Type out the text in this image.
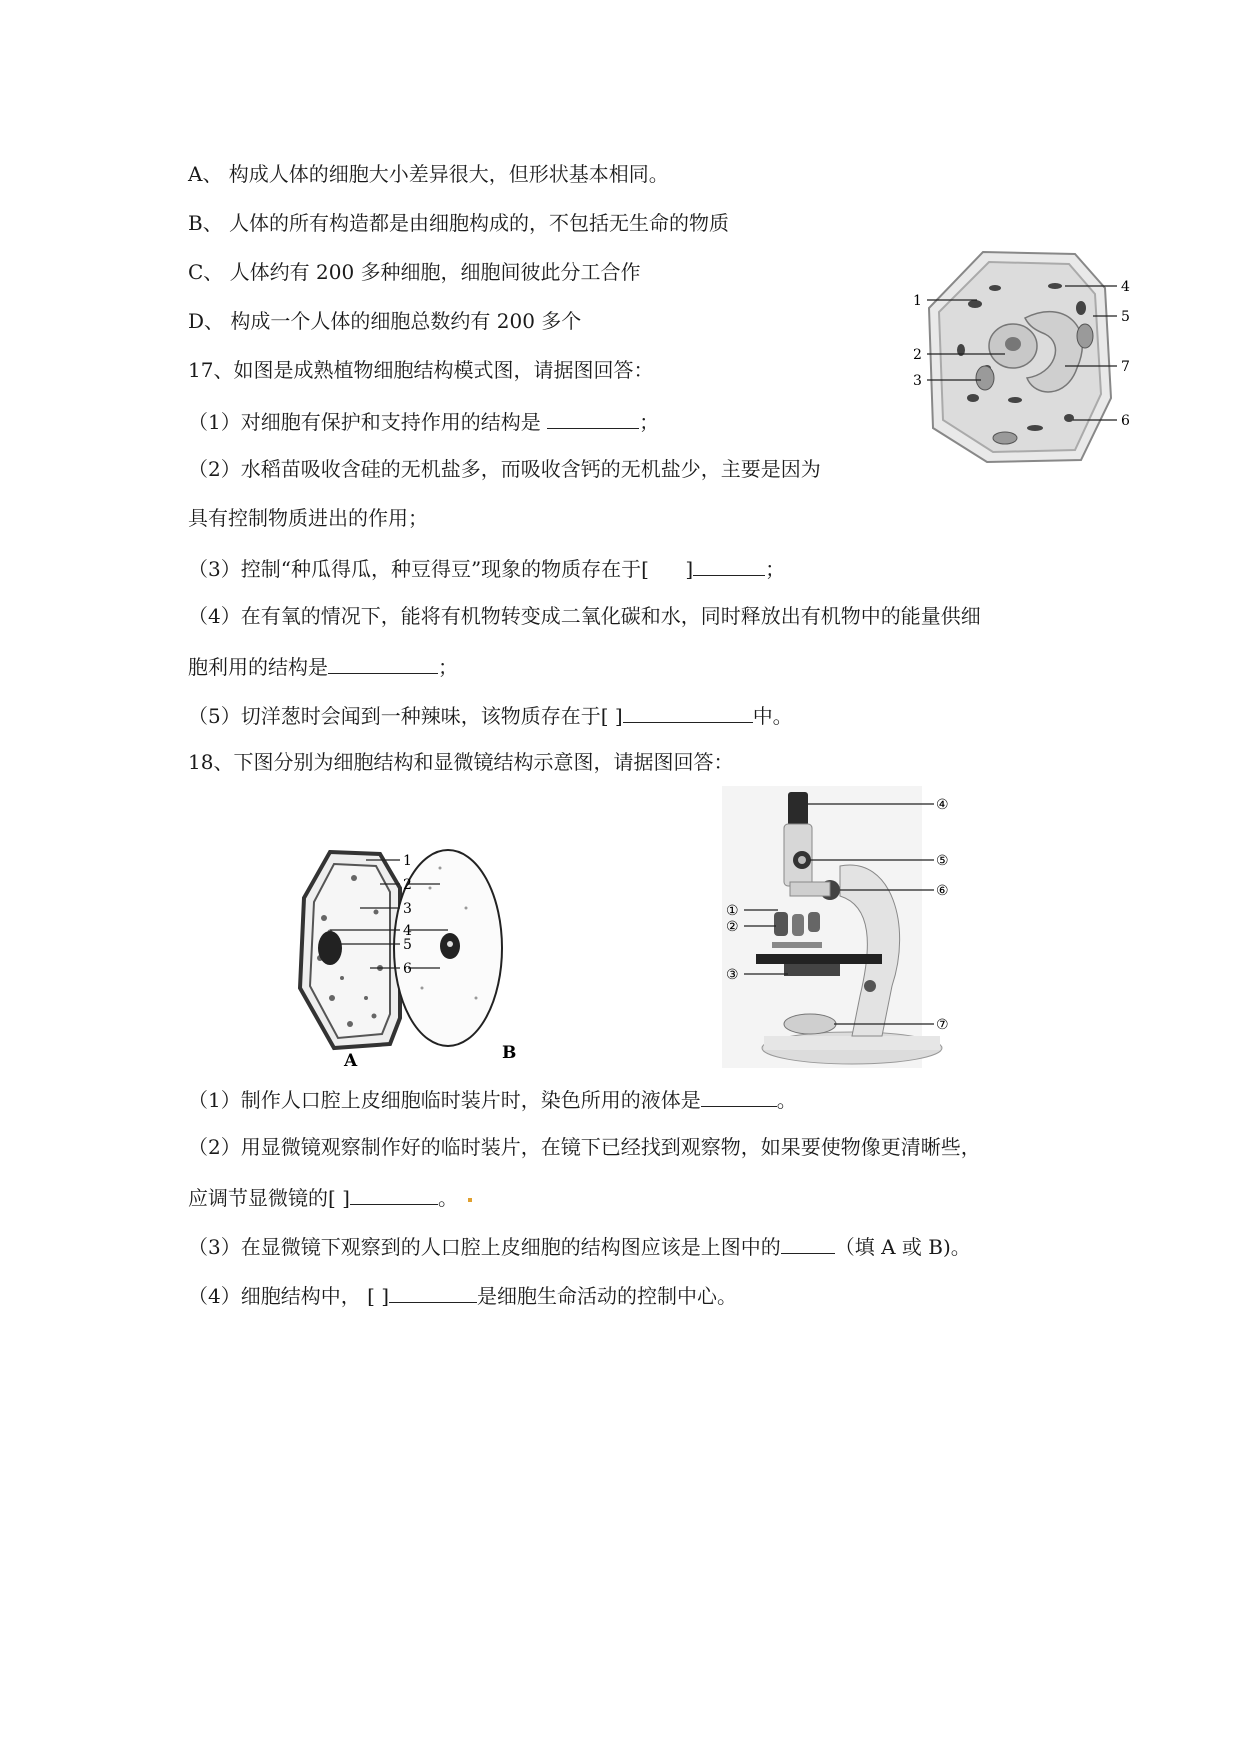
A、 构成人体的细胞大小差异很大，但形状基本相同。
B、 人体的所有构造都是由细胞构成的，不包括无生命的物质
C、 人体约有 200 多种细胞，细胞间彼此分工合作
D、 构成一个人体的细胞总数约有 200 多个
17、如图是成熟植物细胞结构模式图，请据图回答：
（1）对细胞有保护和支持作用的结构是	；
（2）水稻苗吸收含硅的无机盐多，而吸收含钙的无机盐少，主要是因为
具有控制物质进出的作用；
（3）控制“种瓜得瓜，种豆得豆”现象的物质存在于[ ]	；
（4）在有氧的情况下，能将有机物转变成二氧化碳和水，同时释放出有机物中的能量供细
胞利用的结构是	；
（5）切洋葱时会闻到一种辣味，该物质存在于[ ]	中。
1
2
3
4
5
6
7
18、下图分别为细胞结构和显微镜结构示意图，请据图回答：
1
2
3
4
5
6
A	B
①
②
③
④
⑤
⑥
⑦
（1）制作人口腔上皮细胞临时装片时，染色所用的液体是	。
（2）用显微镜观察制作好的临时装片，在镜下已经找到观察物，如果要使物像更清晰些，
应调节显微镜的[ ]	。
（3）在显微镜下观察到的人口腔上皮细胞的结构图应该是上图中的	（填 A 或 B)。
（4）细胞结构中， [ ]	是细胞生命活动的控制中心。
